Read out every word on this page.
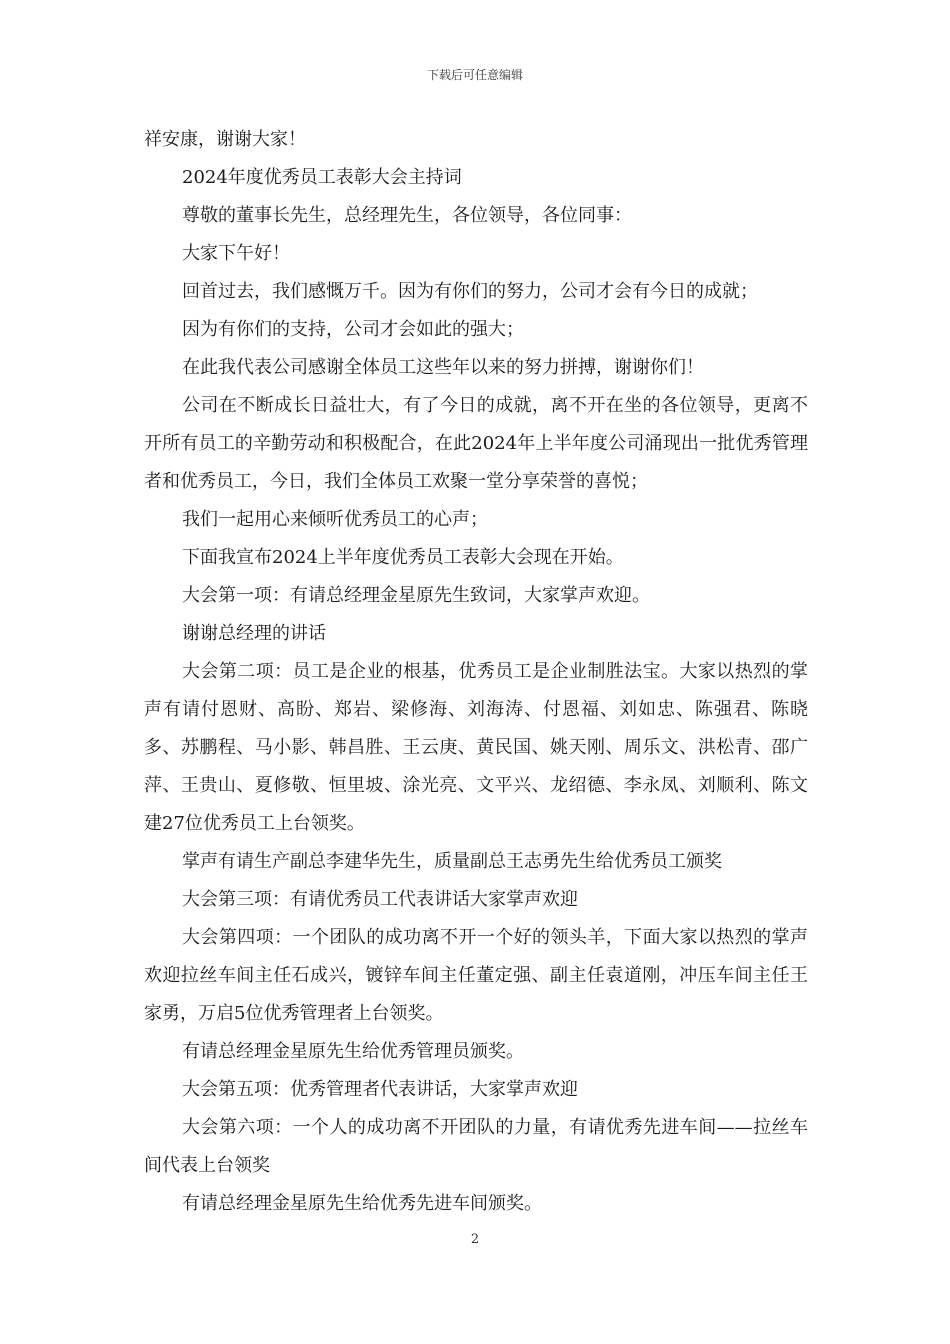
下载后可任意编辑

祥安康，谢谢大家！

2024年度优秀员工表彰大会主持词

尊敬的董事长先生，总经理先生，各位领导，各位同事：

大家下午好！

回首过去，我们感慨万千。因为有你们的努力，公司才会有今日的成就；

因为有你们的支持，公司才会如此的强大；

在此我代表公司感谢全体员工这些年以来的努力拼搏，谢谢你们！

公司在不断成长日益壮大，有了今日的成就，离不开在坐的各位领导，更离不开所有员工的辛勤劳动和积极配合，在此2024年上半年度公司涌现出一批优秀管理者和优秀员工，今日，我们全体员工欢聚一堂分享荣誉的喜悦；

我们一起用心来倾听优秀员工的心声；

下面我宣布2024上半年度优秀员工表彰大会现在开始。

大会第一项：有请总经理金星原先生致词，大家掌声欢迎。

谢谢总经理的讲话

大会第二项：员工是企业的根基，优秀员工是企业制胜法宝。大家以热烈的掌声有请付恩财、高盼、郑岩、梁修海、刘海涛、付恩福、刘如忠、陈强君、陈晓多、苏鹏程、马小影、韩昌胜、王云庚、黄民国、姚天刚、周乐文、洪松青、邵广萍、王贵山、夏修敬、恒里坡、涂光亮、文平兴、龙绍德、李永凤、刘顺利、陈文建27位优秀员工上台领奖。

掌声有请生产副总李建华先生，质量副总王志勇先生给优秀员工颁奖

大会第三项：有请优秀员工代表讲话大家掌声欢迎

大会第四项：一个团队的成功离不开一个好的领头羊，下面大家以热烈的掌声欢迎拉丝车间主任石成兴，镀锌车间主任董定强、副主任袁道刚，冲压车间主任王家勇，万启5位优秀管理者上台领奖。

有请总经理金星原先生给优秀管理员颁奖。

大会第五项：优秀管理者代表讲话，大家掌声欢迎

大会第六项：一个人的成功离不开团队的力量，有请优秀先进车间——拉丝车间代表上台领奖

有请总经理金星原先生给优秀先进车间颁奖。

2
